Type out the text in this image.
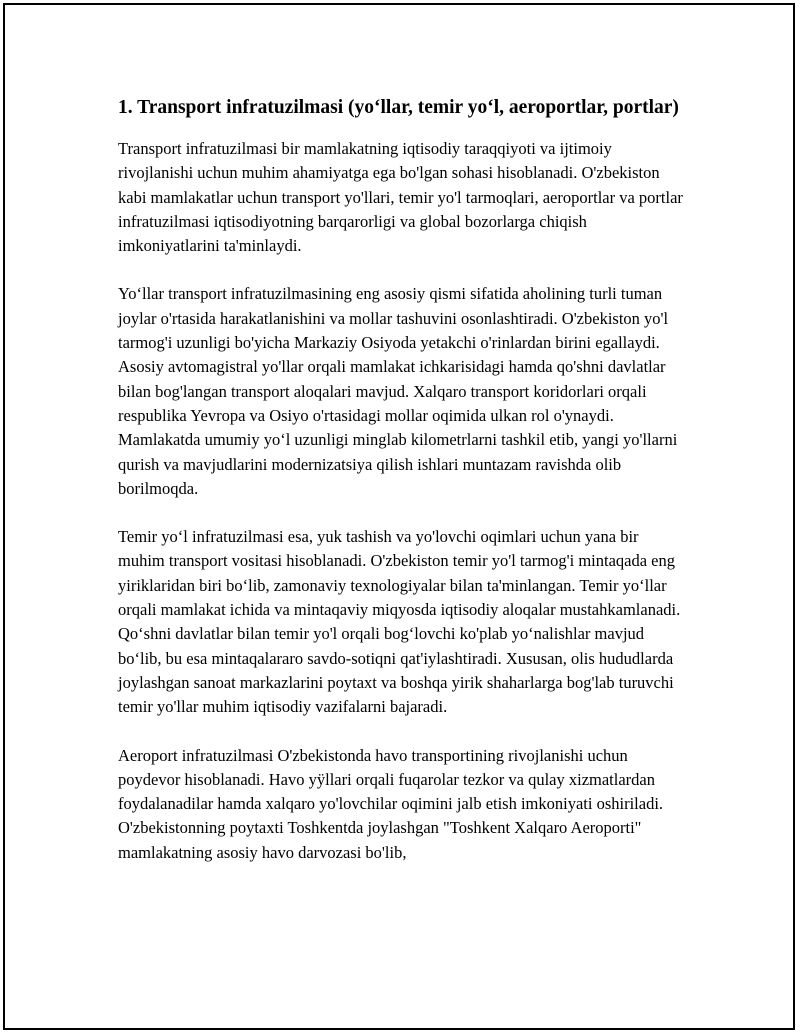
1. Transport infratuzilmasi (yo‘llar, temir yo‘l, aeroportlar, portlar)

Transport infratuzilmasi bir mamlakatning iqtisodiy taraqqiyoti va ijtimoiy rivojlanishi uchun muhim ahamiyatga ega bo'lgan sohasi hisoblanadi. O'zbekiston kabi mamlakatlar uchun transport yo'llari, temir yo'l tarmoqlari, aeroportlar va portlar infratuzilmasi iqtisodiyotning barqarorligi va global bozorlarga chiqish imkoniyatlarini ta'minlaydi.

Yo‘llar transport infratuzilmasining eng asosiy qismi sifatida aholining turli tuman joylar o'rtasida harakatlanishini va mollar tashuvini osonlashtiradi. O'zbekiston yo'l tarmog'i uzunligi bo'yicha Markaziy Osiyoda yetakchi o'rinlardan birini egallaydi. Asosiy avtomagistral yo'llar orqali mamlakat ichkarisidagi hamda qo'shni davlatlar bilan bog'langan transport aloqalari mavjud. Xalqaro transport koridorlari orqali respublika Yevropa va Osiyo o'rtasidagi mollar oqimida ulkan rol o'ynaydi. Mamlakatda umumiy yo‘l uzunligi minglab kilometrlarni tashkil etib, yangi yo'llarni qurish va mavjudlarini modernizatsiya qilish ishlari muntazam ravishda olib borilmoqda.

Temir yo‘l infratuzilmasi esa, yuk tashish va yo'lovchi oqimlari uchun yana bir muhim transport vositasi hisoblanadi. O'zbekiston temir yo'l tarmog'i mintaqada eng yiriklaridan biri bo‘lib, zamonaviy texnologiyalar bilan ta'minlangan. Temir yo‘llar orqali mamlakat ichida va mintaqaviy miqyosda iqtisodiy aloqalar mustahkamlanadi. Qo‘shni davlatlar bilan temir yo'l orqali bog‘lovchi ko'plab yo‘nalishlar mavjud bo‘lib, bu esa mintaqalararo savdo-sotiqni qat'iylashtiradi. Xususan, olis hududlarda joylashgan sanoat markazlarini poytaxt va boshqa yirik shaharlarga bog'lab turuvchi temir yo'llar muhim iqtisodiy vazifalarni bajaradi.

Aeroport infratuzilmasi O'zbekistonda havo transportining rivojlanishi uchun poydevor hisoblanadi. Havo yÿllari orqali fuqarolar tezkor va qulay xizmatlardan foydalanadilar hamda xalqaro yo'lovchilar oqimini jalb etish imkoniyati oshiriladi. O'zbekistonning poytaxti Toshkentda joylashgan "Toshkent Xalqaro Aeroporti" mamlakatning asosiy havo darvozasi bo'lib,
